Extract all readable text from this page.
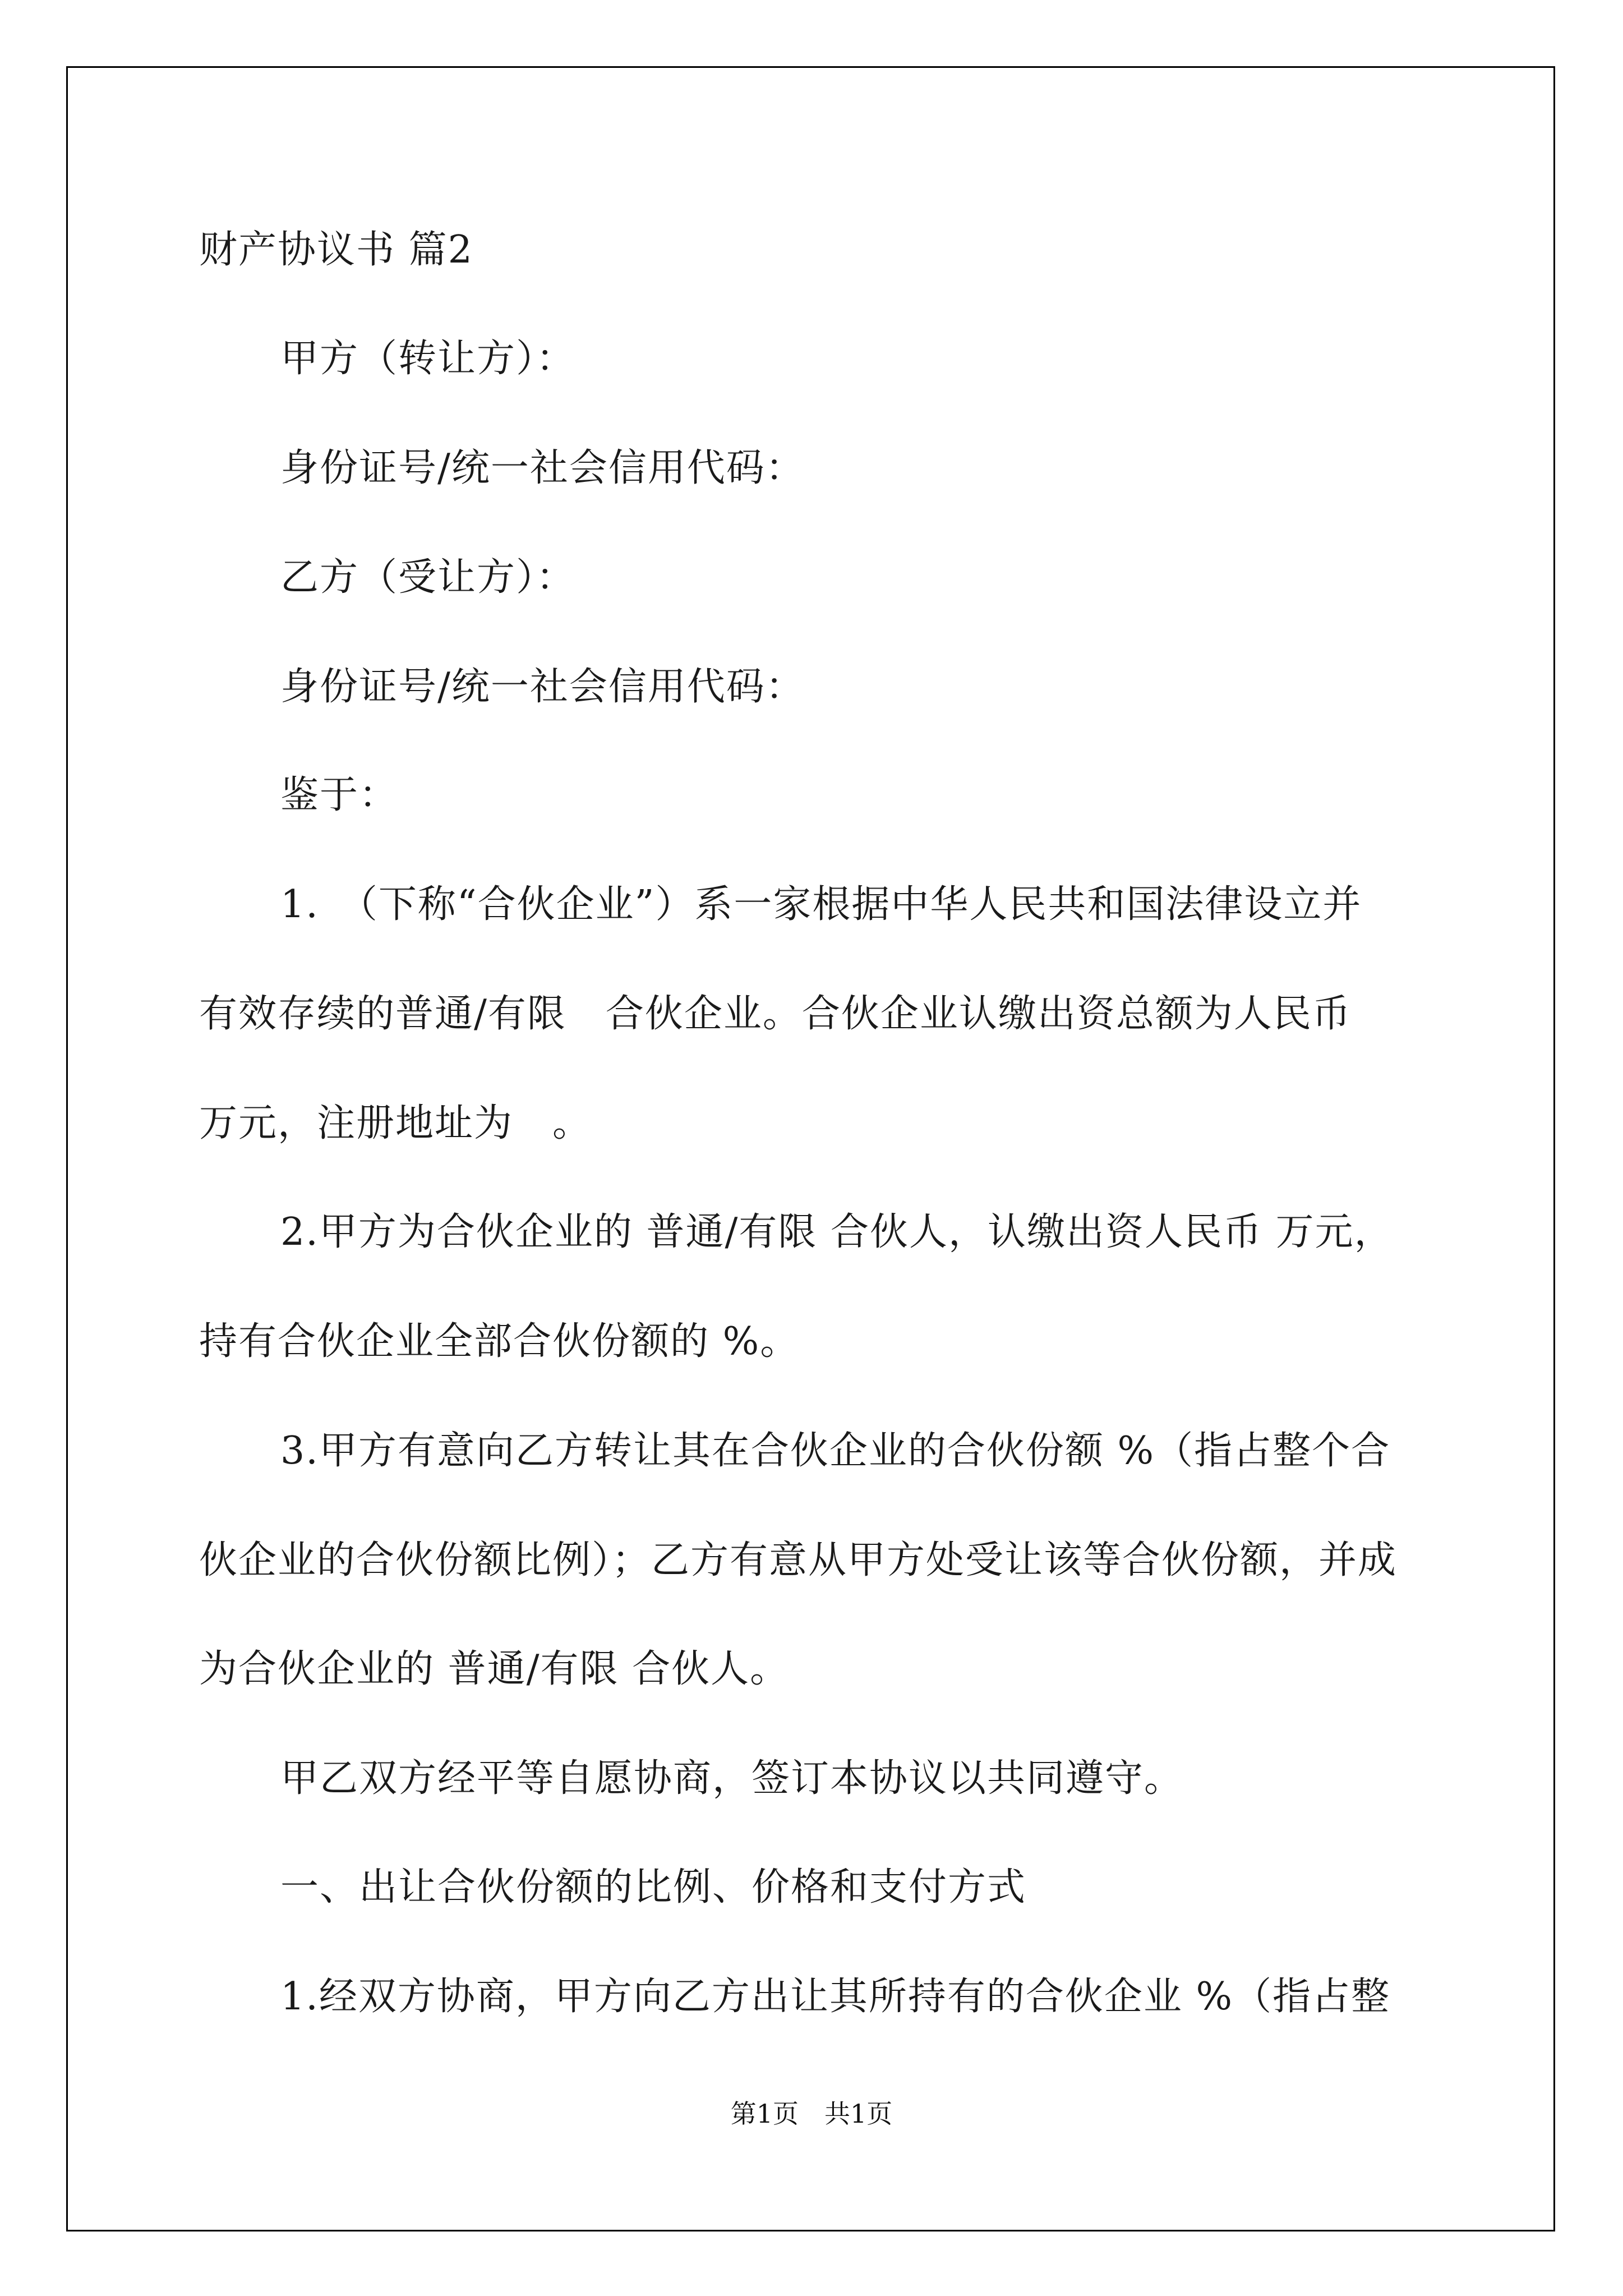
财产协议书 篇2

甲方（转让方）：

身份证号/统一社会信用代码：

乙方（受让方）：

身份证号/统一社会信用代码：

鉴于：

1.　（下称“合伙企业”）系一家根据中华人民共和国法律设立并

有效存续的普通/有限　合伙企业。合伙企业认缴出资总额为人民币

万元，注册地址为　。

2.甲方为合伙企业的 普通/有限 合伙人，认缴出资人民币 万元，

持有合伙企业全部合伙份额的 %。

3.甲方有意向乙方转让其在合伙企业的合伙份额 %（指占整个合

伙企业的合伙份额比例）；乙方有意从甲方处受让该等合伙份额，并成

为合伙企业的 普通/有限 合伙人。

甲乙双方经平等自愿协商，签订本协议以共同遵守。

一、出让合伙份额的比例、价格和支付方式

1.经双方协商，甲方向乙方出让其所持有的合伙企业 %（指占整

第1页　共1页
